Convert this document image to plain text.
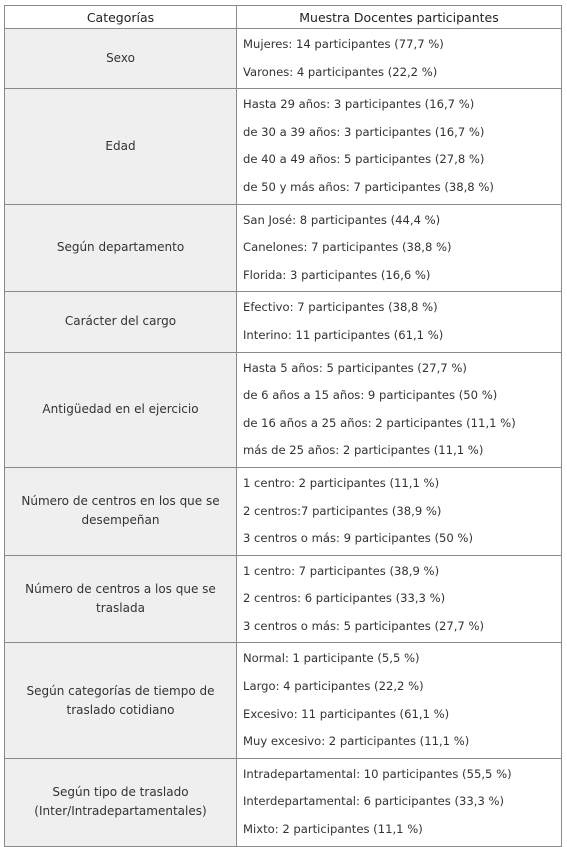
Categorías	Muestra Docentes participantes
Sexo	Mujeres: 14 participantes (77,7 %)
Varones: 4 participantes (22,2 %)

Edad	Hasta 29 años: 3 participantes (16,7 %)
de 30 a 39 años: 3 participantes (16,7 %)
de 40 a 49 años: 5 participantes (27,8 %)
de 50 y más años: 7 participantes (38,8 %)

Según departamento	San José: 8 participantes (44,4 %)
Canelones: 7 participantes (38,8 %)
Florida: 3 participantes (16,6 %)

Carácter del cargo	Efectivo: 7 participantes (38,8 %)
Interino: 11 participantes (61,1 %)

Antigüedad en el ejercicio	Hasta 5 años: 5 participantes (27,7 %)
de 6 años a 15 años: 9 participantes (50 %)
de 16 años a 25 años: 2 participantes (11,1 %)
más de 25 años: 2 participantes (11,1 %)

Número de centros en los que se desempeñan	1 centro: 2 participantes (11,1 %)
2 centros:7 participantes (38,9 %)
3 centros o más: 9 participantes (50 %)

Número de centros a los que se traslada	1 centro: 7 participantes (38,9 %)
2 centros: 6 participantes (33,3 %)
3 centros o más: 5 participantes (27,7 %)

Según categorías de tiempo de traslado cotidiano	Normal: 1 participante (5,5 %)
Largo: 4 participantes (22,2 %)
Excesivo: 11 participantes (61,1 %)
Muy excesivo: 2 participantes (11,1 %)

Según tipo de traslado (Inter/Intradepartamentales)	Intradepartamental: 10 participantes (55,5 %)
Interdepartamental: 6 participantes (33,3 %)
Mixto: 2 participantes (11,1 %)
